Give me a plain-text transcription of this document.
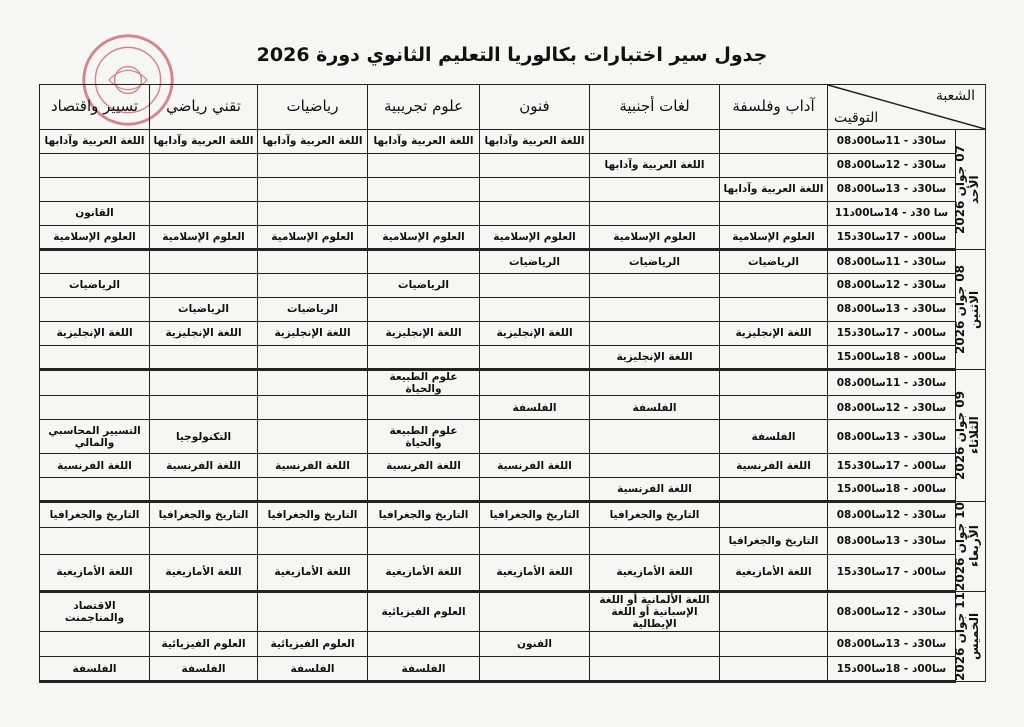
جدول سير اختبارات بكالوريا التعليم الثانوي دورة 2026
الشعبة
التوقيت		آداب وفلسفة	لغات أجنبية	فنون	علوم تجريبية	رياضيات	تقني رياضي	تسيير واقتصاد

07 جوان 2026
الأحد	08سا30د - 11سا00د			اللغة العربية وآدابها	اللغة العربية وآدابها	اللغة العربية وآدابها	اللغة العربية وآدابها	اللغة العربية وآدابها
	08سا30د - 12سا00د		اللغة العربية وآدابها					
	08سا30د - 13سا00د	اللغة العربية وآدابها						
	11سا 30د - 14سا00د							القانون
	15سا00د - 17سا30د	العلوم الإسلامية	العلوم الإسلامية	العلوم الإسلامية	العلوم الإسلامية	العلوم الإسلامية	العلوم الإسلامية	العلوم الإسلامية

08 جوان 2026
الاثنين	08سا30د - 11سا00د	الرياضيات	الرياضيات	الرياضيات				
	08سا30د - 12سا00د				الرياضيات			الرياضيات
	08سا30د - 13سا00د					الرياضيات	الرياضيات	
	15سا00د - 17سا30د	اللغة الإنجليزية		اللغة الإنجليزية	اللغة الإنجليزية	اللغة الإنجليزية	اللغة الإنجليزية	اللغة الإنجليزية
	15سا00د - 18سا00د		اللغة الإنجليزية					

09 جوان 2026
الثلاثاء	08سا30د - 11سا00د				علوم الطبيعة والحياة			
	08سا30د - 12سا00د		الفلسفة	الفلسفة				
	08سا30د - 13سا00د	الفلسفة			علوم الطبيعة والحياة		التكنولوجيا	التسيير المحاسبي والمالي
	15سا00د - 17سا30د	اللغة الفرنسية		اللغة الفرنسية	اللغة الفرنسية	اللغة الفرنسية	اللغة الفرنسية	اللغة الفرنسية
	15سا00د - 18سا00د		اللغة الفرنسية					

10 جوان 2026
الأربعاء	08سا30د - 12سا00د		التاريخ والجغرافيا	التاريخ والجغرافيا	التاريخ والجغرافيا	التاريخ والجغرافيا	التاريخ والجغرافيا	التاريخ والجغرافيا
	08سا30د - 13سا00د	التاريخ والجغرافيا						
	15سا00د - 17سا30د	اللغة الأمازيغية	اللغة الأمازيغية	اللغة الأمازيغية	اللغة الأمازيغية	اللغة الأمازيغية	اللغة الأمازيغية	اللغة الأمازيغية

11 جوان 2026
الخميس	08سا30د - 12سا00د		اللغة الألمانية أو اللغة الإسبانية أو اللغة الإيطالية		العلوم الفيزيائية			الاقتصاد والمناجمنت
	08سا30د - 13سا00د			الفنون		العلوم الفيزيائية	العلوم الفيزيائية	
	15سا00د - 18سا00د				الفلسفة	الفلسفة	الفلسفة	الفلسفة
